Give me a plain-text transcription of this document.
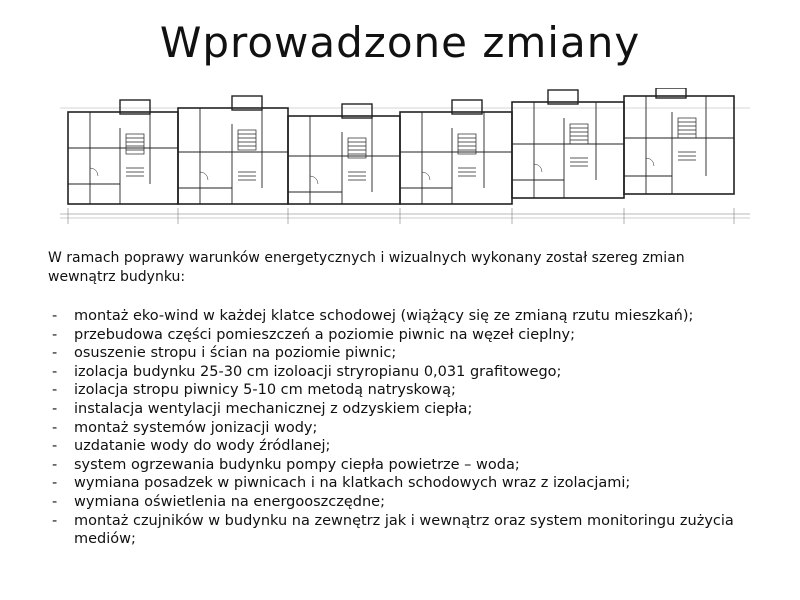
Wprowadzone zmiany

W ramach poprawy warunków energetycznych i wizualnych wykonany został szereg zmian wewnątrz budynku:

- montaż eko-wind w każdej klatce schodowej (wiążący się ze zmianą rzutu mieszkań);
- przebudowa części pomieszczeń a poziomie piwnic na węzeł cieplny;
- osuszenie stropu i ścian na poziomie piwnic;
- izolacja budynku 25-30 cm izoloacji stryropianu 0,031 grafitowego;
- izolacja stropu piwnicy 5-10 cm metodą natryskową;
- instalacja wentylacji mechanicznej z odzyskiem ciepła;
- montaż systemów jonizacji wody;
- uzdatanie wody do wody źródlanej;
- system ogrzewania budynku pompy ciepła powietrze – woda;
- wymiana posadzek w piwnicach i na klatkach schodowych wraz z izolacjami;
- wymiana oświetlenia na energooszczędne;
- montaż czujników w budynku na zewnętrz jak i wewnątrz oraz system monitoringu zużycia mediów;
